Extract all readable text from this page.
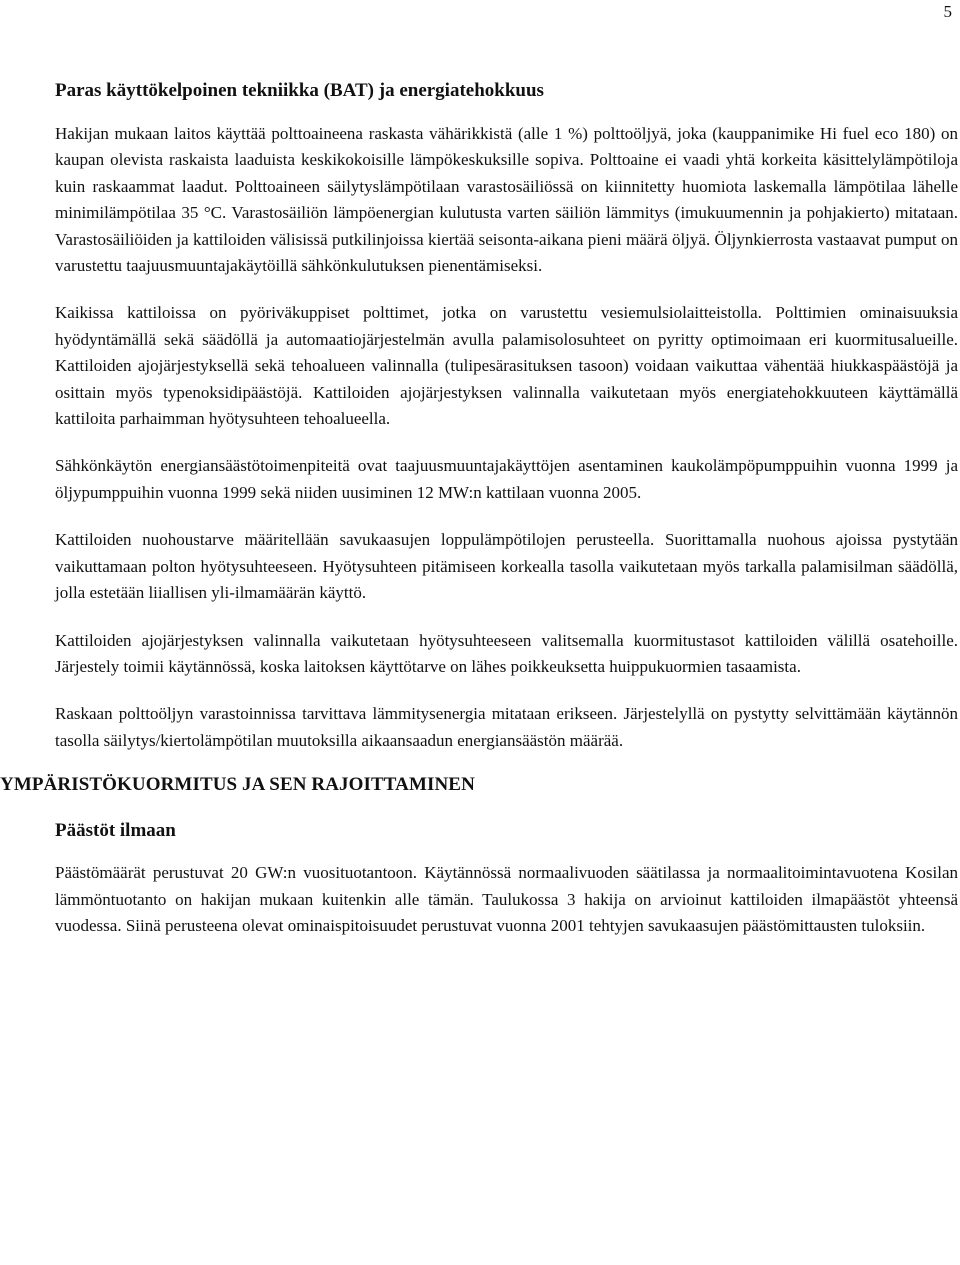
5
Paras käyttökelpoinen tekniikka (BAT) ja energiatehokkuus

Hakijan mukaan laitos käyttää polttoaineena raskasta vähärikkistä (alle 1 %) polttoöljyä, joka (kauppanimike Hi fuel eco 180) on kaupan olevista raskaista laaduista keskikokoisille lämpökeskuksille sopiva. Polttoaine ei vaadi yhtä korkeita käsittelylämpötiloja kuin raskaammat laadut. Polttoaineen säilytyslämpötilaan varastosäiliössä on kiinnitetty huomiota laskemalla lämpötilaa lähelle minimilämpötilaa 35 °C. Varastosäiliön lämpöenergian kulutusta varten säiliön lämmitys (imukuumennin ja pohjakierto) mitataan. Varastosäiliöiden ja kattiloiden välisissä putkilinjoissa kiertää seisonta-aikana pieni määrä öljyä. Öljynkierrosta vastaavat pumput on varustettu taajuusmuuntajakäytöillä sähkönkulutuksen pienentämiseksi.

Kaikissa kattiloissa on pyöriväkuppiset polttimet, jotka on varustettu vesiemulsiolaitteistolla. Polttimien ominaisuuksia hyödyntämällä sekä säädöllä ja automaatiojärjestelmän avulla palamisolosuhteet on pyritty optimoimaan eri kuormitusalueille. Kattiloiden ajojärjestyksellä sekä tehoalueen valinnalla (tulipesärasituksen tasoon) voidaan vaikuttaa vähentää hiukkaspäästöjä ja osittain myös typenoksidipäästöjä. Kattiloiden ajojärjestyksen valinnalla vaikutetaan myös energiatehokkuuteen käyttämällä kattiloita parhaimman hyötysuhteen tehoalueella.

Sähkönkäytön energiansäästötoimenpiteitä ovat taajuusmuuntajakäyttöjen asentaminen kaukolämpöpumppuihin vuonna 1999 ja öljypumppuihin vuonna 1999 sekä niiden uusiminen 12 MW:n kattilaan vuonna 2005.

Kattiloiden nuohoustarve määritellään savukaasujen loppulämpötilojen perusteella. Suorittamalla nuohous ajoissa pystytään vaikuttamaan polton hyötysuhteeseen. Hyötysuhteen pitämiseen korkealla tasolla vaikutetaan myös tarkalla palamisilman säädöllä, jolla estetään liiallisen yli-ilmamäärän käyttö.

Kattiloiden ajojärjestyksen valinnalla vaikutetaan hyötysuhteeseen valitsemalla kuormitustasot kattiloiden välillä osatehoille. Järjestely toimii käytännössä, koska laitoksen käyttötarve on lähes poikkeuksetta huippukuormien tasaamista.

Raskaan polttoöljyn varastoinnissa tarvittava lämmitysenergia mitataan erikseen. Järjestelyllä on pystytty selvittämään käytännön tasolla säilytys/kiertolämpötilan muutoksilla aikaansaadun energiansäästön määrää.

YMPÄRISTÖKUORMITUS JA SEN RAJOITTAMINEN
Päästöt ilmaan

Päästömäärät perustuvat 20 GW:n vuosituotantoon. Käytännössä normaalivuoden säätilassa ja normaalitoimintavuotena Kosilan lämmöntuotanto on hakijan mukaan kuitenkin alle tämän. Taulukossa 3 hakija on arvioinut kattiloiden ilmapäästöt yhteensä vuodessa. Siinä perusteena olevat ominaispitoisuudet perustuvat vuonna 2001 tehtyjen savukaasujen päästömittausten tuloksiin.
